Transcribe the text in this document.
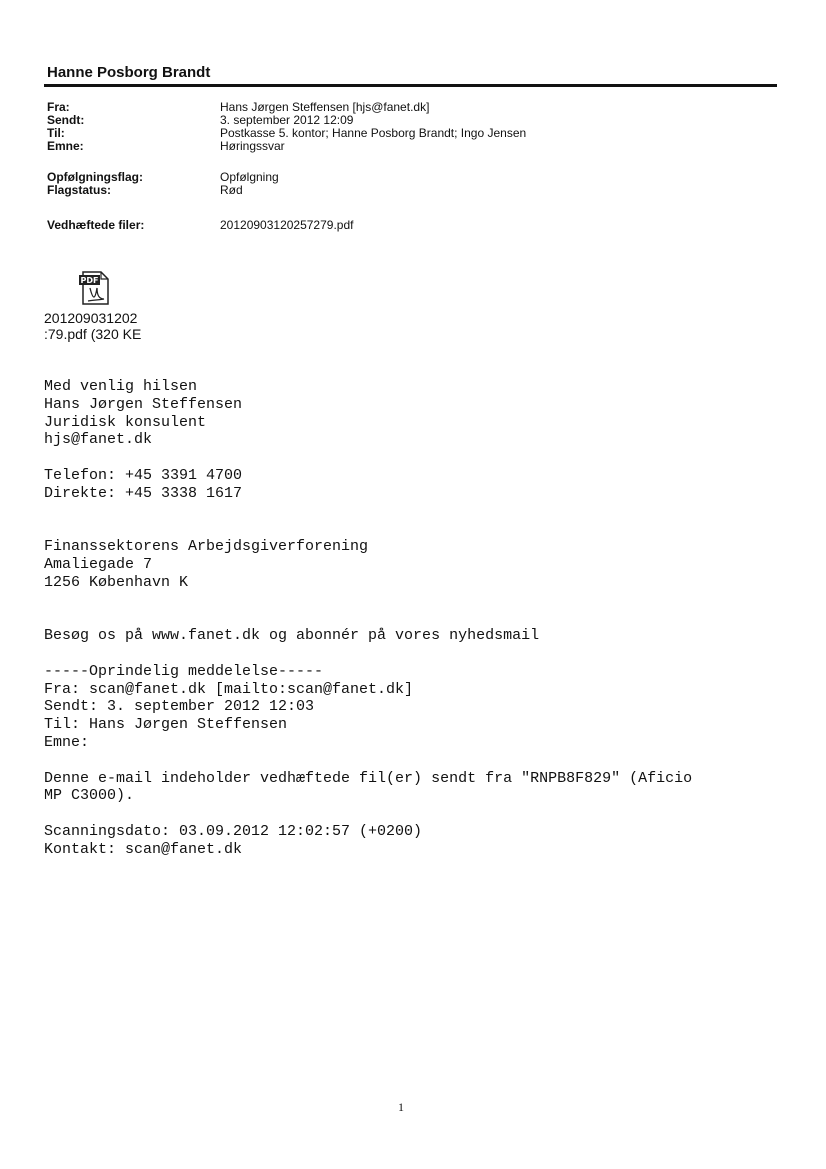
Hanne Posborg Brandt
Fra:	Hans Jørgen Steffensen [hjs@fanet.dk]
Sendt:	3. september 2012 12:09
Til:	Postkasse 5. kontor; Hanne Posborg Brandt; Ingo Jensen
Emne:	Høringssvar
Opfølgningsflag:	Opfølgning
Flagstatus:	Rød
Vedhæftede filer:	20120903120257279.pdf
PDF
201209031202
:79.pdf (320 KE
Med venlig hilsen
Hans Jørgen Steffensen
Juridisk konsulent
hjs@fanet.dk

Telefon: +45 3391 4700
Direkte: +45 3338 1617

Finanssektorens Arbejdsgiverforening
Amaliegade 7
1256 København K

Besøg os på www.fanet.dk og abonnér på vores nyhedsmail

-----Oprindelig meddelelse-----
Fra: scan@fanet.dk [mailto:scan@fanet.dk]
Sendt: 3. september 2012 12:03
Til: Hans Jørgen Steffensen
Emne:

Denne e-mail indeholder vedhæftede fil(er) sendt fra "RNPB8F829" (Aficio
MP C3000).

Scanningsdato: 03.09.2012 12:02:57 (+0200)
Kontakt: scan@fanet.dk
1
